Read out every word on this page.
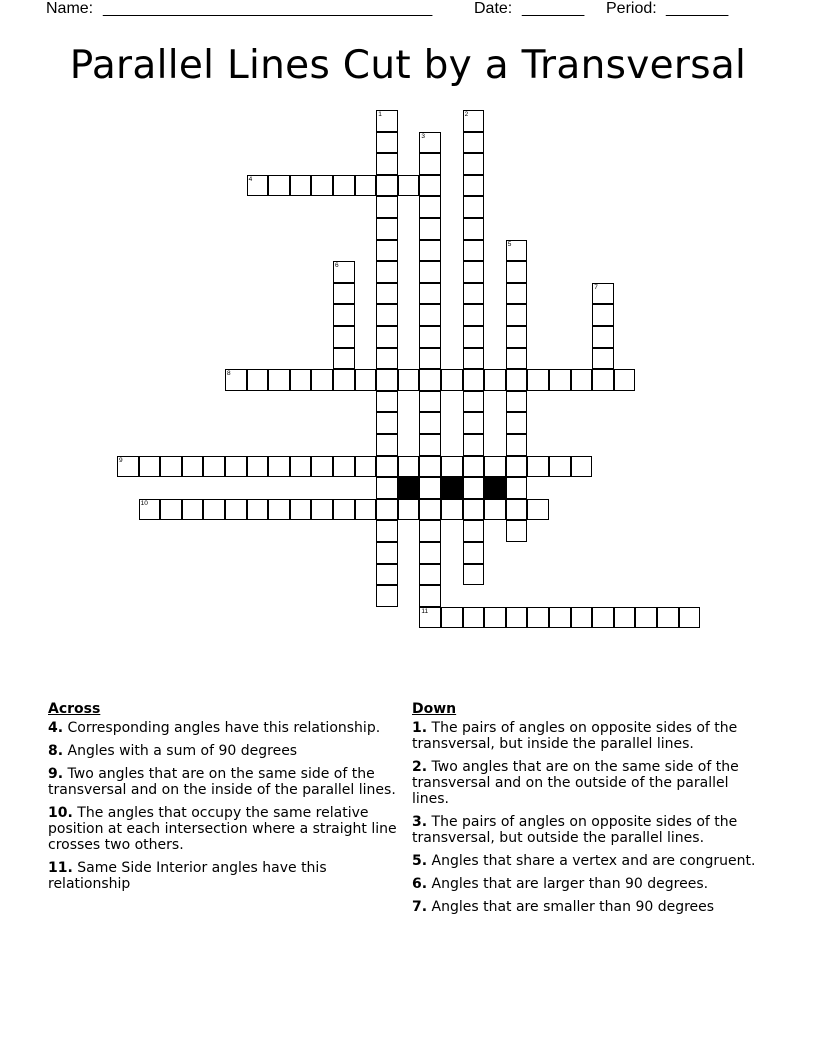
Name: _____________________________________	Date: _______ Period: _______
Parallel Lines Cut by a Transversal
1	2
3
4
5
6
7
8
9
10
11
Across
4. Corresponding angles have this relationship.
8. Angles with a sum of 90 degrees
9. Two angles that are on the same side of the transversal and on the inside of the parallel lines.
10. The angles that occupy the same relative position at each intersection where a straight line crosses two others.
11. Same Side Interior angles have this relationship
Down
1. The pairs of angles on opposite sides of the transversal, but inside the parallel lines.
2. Two angles that are on the same side of the transversal and on the outside of the parallel lines.
3. The pairs of angles on opposite sides of the transversal, but outside the parallel lines.
5. Angles that share a vertex and are congruent.
6. Angles that are larger than 90 degrees.
7. Angles that are smaller than 90 degrees
